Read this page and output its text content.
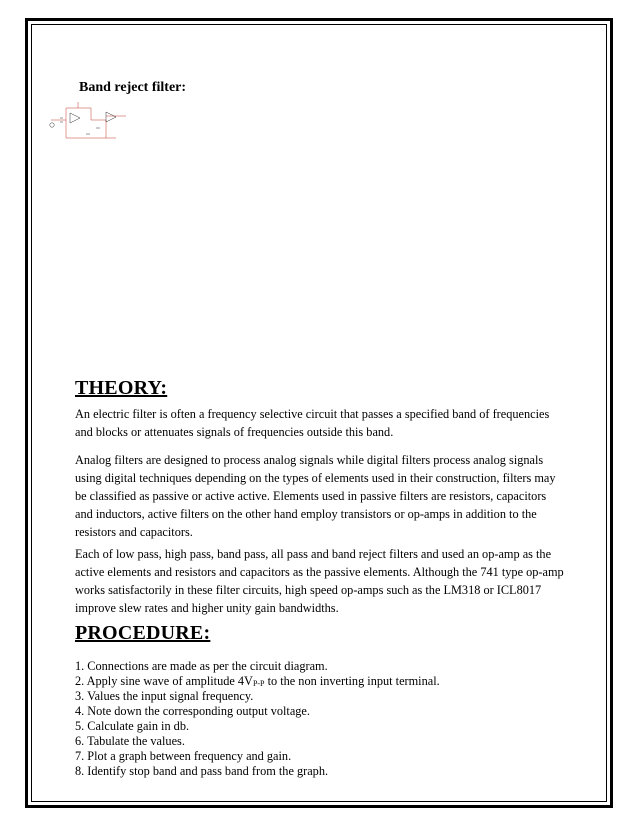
Band reject filter:
THEORY:
An electric filter is often a frequency selective circuit that passes a specified band of frequencies and blocks or attenuates signals of frequencies outside this band.
Analog filters are designed to process analog signals while digital filters process analog signals using digital techniques depending on the types of elements used in their construction, filters may be classified as passive or active active. Elements used in passive filters are resistors, capacitors and inductors, active filters on the other hand employ transistors or op-amps in addition to the resistors and capacitors.
Each of low pass, high pass, band pass, all pass and band reject filters and used an op-amp as the active elements and resistors and capacitors as the passive elements. Although the 741 type op-amp works satisfactorily in these filter circuits, high speed op-amps such as the LM318 or ICL8017 improve slew rates and higher unity gain bandwidths.
PROCEDURE:
1. Connections are made as per the circuit diagram.
2. Apply sine wave of amplitude $4V_{P-P}$ to the non inverting input terminal.
3. Values the input signal frequency.
4. Note down the corresponding output voltage.
5. Calculate gain in db.
6. Tabulate the values.
7. Plot a graph between frequency and gain.
8. Identify stop band and pass band from the graph.
